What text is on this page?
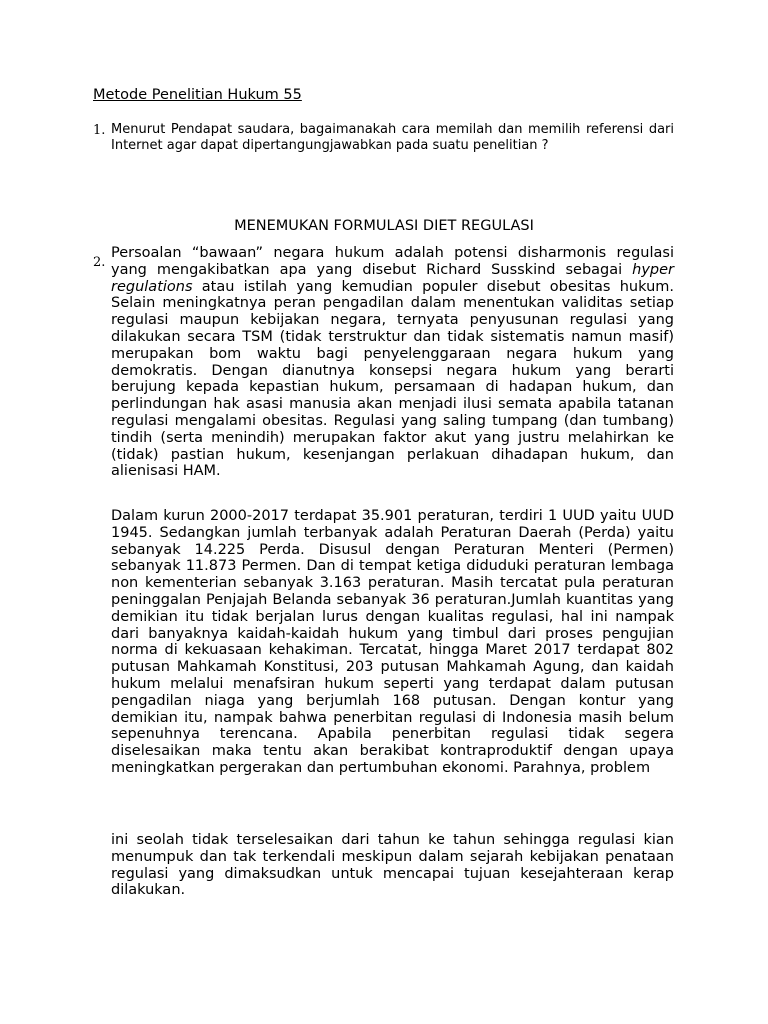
Metode Penelitian Hukum 55
1. Menurut Pendapat saudara, bagaimanakah cara memilah dan memilih referensi dari Internet agar dapat dipertangungjawabkan pada suatu penelitian ?
MENEMUKAN FORMULASI DIET REGULASI
2.
Persoalan “bawaan” negara hukum adalah potensi disharmonis regulasi yang mengakibatkan apa yang disebut Richard Susskind sebagai hyper regulations atau istilah yang kemudian populer disebut obesitas hukum. Selain meningkatnya peran pengadilan dalam menentukan validitas setiap regulasi maupun kebijakan negara, ternyata penyusunan regulasi yang dilakukan secara TSM (tidak terstruktur dan tidak sistematis namun masif) merupakan bom waktu bagi penyelenggaraan negara hukum yang demokratis. Dengan dianutnya konsepsi negara hukum yang berarti berujung kepada kepastian hukum, persamaan di hadapan hukum, dan perlindungan hak asasi manusia akan menjadi ilusi semata apabila tatanan regulasi mengalami obesitas. Regulasi yang saling tumpang (dan tumbang) tindih (serta menindih) merupakan faktor akut yang justru melahirkan ke (tidak) pastian hukum, kesenjangan perlakuan dihadapan hukum, dan alienisasi HAM.
Dalam kurun 2000-2017 terdapat 35.901 peraturan, terdiri 1 UUD yaitu UUD 1945. Sedangkan jumlah terbanyak adalah Peraturan Daerah (Perda) yaitu sebanyak 14.225 Perda. Disusul dengan Peraturan Menteri (Permen) sebanyak 11.873 Permen. Dan di tempat ketiga diduduki peraturan lembaga non kementerian sebanyak 3.163 peraturan. Masih tercatat pula peraturan peninggalan Penjajah Belanda sebanyak 36 peraturan.Jumlah kuantitas yang demikian itu tidak berjalan lurus dengan kualitas regulasi, hal ini nampak dari banyaknya kaidah-kaidah hukum yang timbul dari proses pengujian norma di kekuasaan kehakiman. Tercatat, hingga Maret 2017 terdapat 802 putusan Mahkamah Konstitusi, 203 putusan Mahkamah Agung, dan kaidah hukum melalui menafsiran hukum seperti yang terdapat dalam putusan pengadilan niaga yang berjumlah 168 putusan. Dengan kontur yang demikian itu, nampak bahwa penerbitan regulasi di Indonesia masih belum sepenuhnya terencana. Apabila penerbitan regulasi tidak segera diselesaikan maka tentu akan berakibat kontraproduktif dengan upaya meningkatkan pergerakan dan pertumbuhan ekonomi. Parahnya, problem
ini seolah tidak terselesaikan dari tahun ke tahun sehingga regulasi kian menumpuk dan tak terkendali meskipun dalam sejarah kebijakan penataan regulasi yang dimaksudkan untuk mencapai tujuan kesejahteraan kerap dilakukan.
